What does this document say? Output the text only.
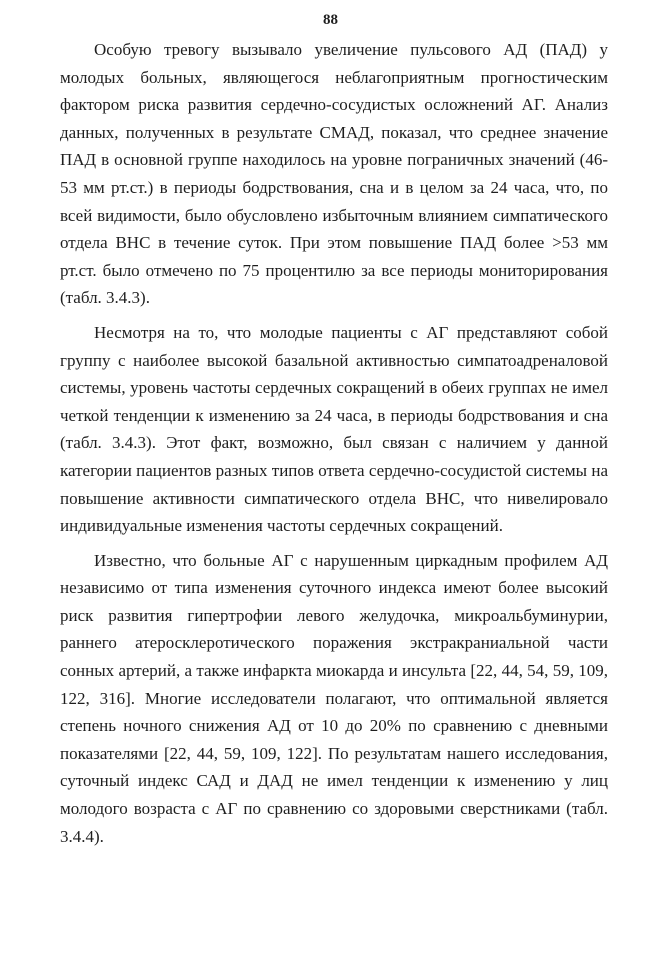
88

Особую тревогу вызывало увеличение пульсового АД (ПАД) у молодых больных, являющегося неблагоприятным прогностическим фактором риска развития сердечно-сосудистых осложнений АГ. Анализ данных, полученных в результате СМАД, показал, что среднее значение ПАД в основной группе находилось на уровне пограничных значений (46-53 мм рт.ст.) в периоды бодрствования, сна и в целом за 24 часа, что, по всей видимости, было обусловлено избыточным влиянием симпатического отдела ВНС в течение суток. При этом повышение ПАД более >53 мм рт.ст. было отмечено по 75 процентилю за все периоды мониторирования (табл. 3.4.3).

Несмотря на то, что молодые пациенты с АГ представляют собой группу с наиболее высокой базальной активностью симпатоадреналовой системы, уровень частоты сердечных сокращений в обеих группах не имел четкой тенденции к изменению за 24 часа, в периоды бодрствования и сна (табл. 3.4.3). Этот факт, возможно, был связан с наличием у данной категории пациентов разных типов ответа сердечно-сосудистой системы на повышение активности симпатического отдела ВНС, что нивелировало индивидуальные изменения частоты сердечных сокращений.

Известно, что больные АГ с нарушенным циркадным профилем АД независимо от типа изменения суточного индекса имеют более высокий риск развития гипертрофии левого желудочка, микроальбуминурии, раннего атеросклеротического поражения экстракраниальной части сонных артерий, а также инфаркта миокарда и инсульта [22, 44, 54, 59, 109, 122, 316]. Многие исследователи полагают, что оптимальной является степень ночного снижения АД от 10 до 20% по сравнению с дневными показателями [22, 44, 59, 109, 122]. По результатам нашего исследования, суточный индекс САД и ДАД не имел тенденции к изменению у лиц молодого возраста с АГ по сравнению со здоровыми сверстниками (табл. 3.4.4).
